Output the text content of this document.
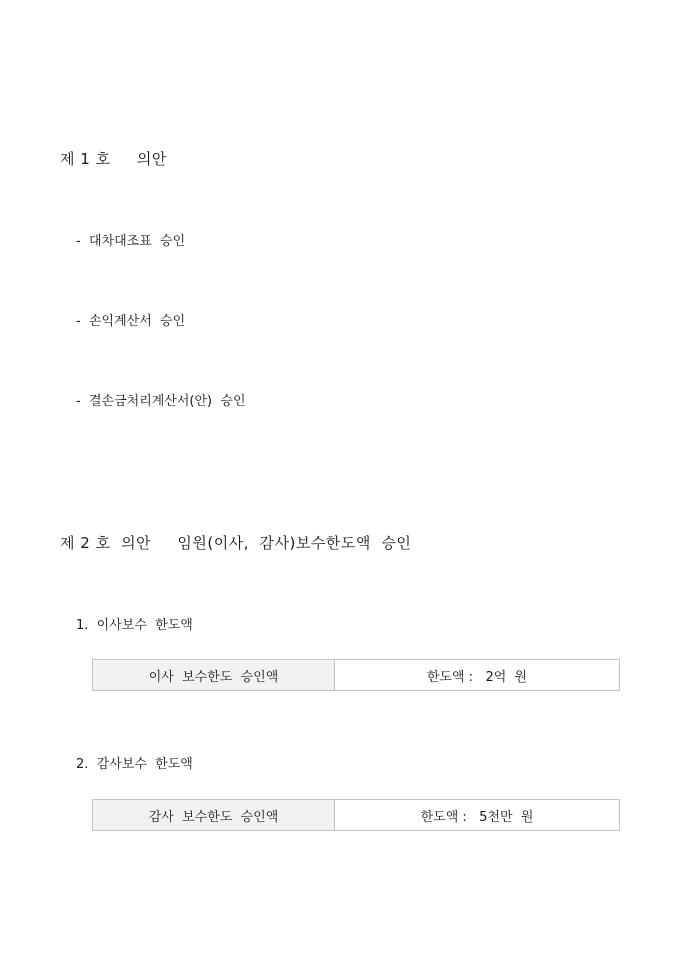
제 1 호     의안
-  대차대조표  승인
-  손익계산서  승인
-  결손금처리계산서(안)  승인
제 2 호  의안     임원(이사,  감사)보수한도액  승인
1.  이사보수  한도액
이사  보수한도  승인액	한도액 :   2억  원
2.  감사보수  한도액
감사  보수한도  승인액	한도액 :   5천만  원
